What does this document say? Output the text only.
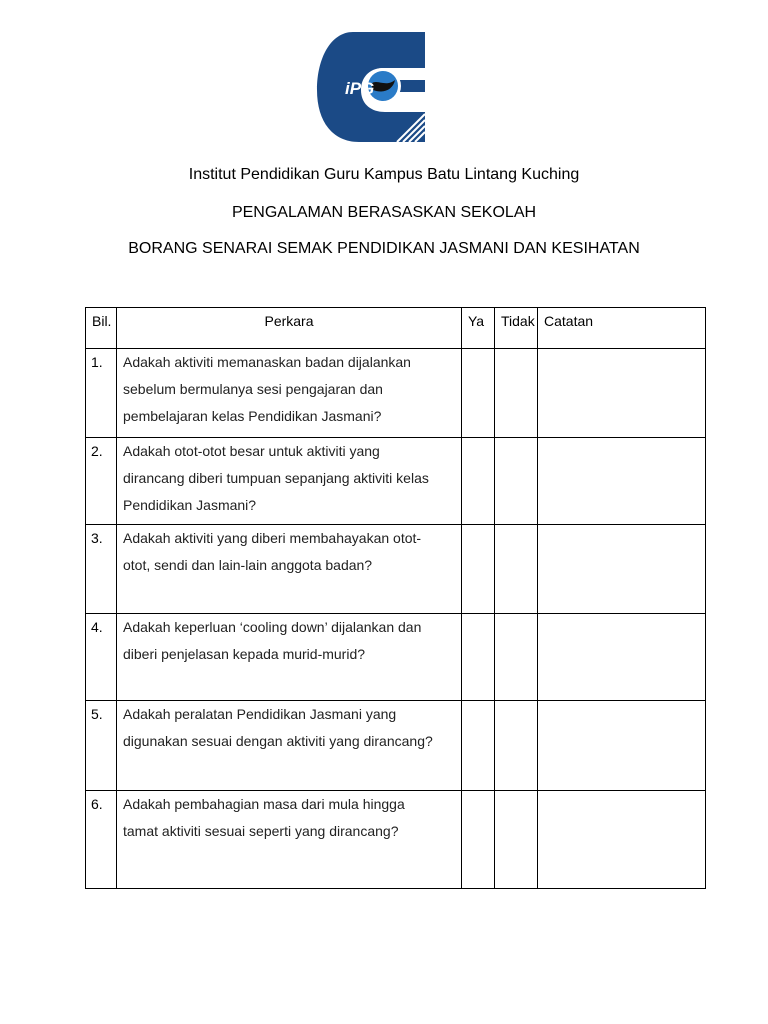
iPG
Institut Pendidikan Guru Kampus Batu Lintang Kuching
PENGALAMAN BERASASKAN SEKOLAH
BORANG SENARAI SEMAK PENDIDIKAN JASMANI DAN KESIHATAN
Bil.	Perkara	Ya	Tidak	Catatan
1.	Adakah aktiviti memanaskan badan dijalankan
sebelum bermulanya sesi pengajaran dan
pembelajaran kelas Pendidikan Jasmani?			

2.	Adakah otot-otot besar untuk aktiviti yang
dirancang diberi tumpuan sepanjang aktiviti kelas
Pendidikan Jasmani?			

3.	Adakah aktiviti yang diberi membahayakan otot-
otot, sendi dan lain-lain anggota badan?			

4.	Adakah keperluan ‘cooling down’ dijalankan dan
diberi penjelasan kepada murid-murid?			

5.	Adakah peralatan Pendidikan Jasmani yang
digunakan sesuai dengan aktiviti yang dirancang?			

6.	Adakah pembahagian masa dari mula hingga
tamat aktiviti sesuai seperti yang dirancang?			
